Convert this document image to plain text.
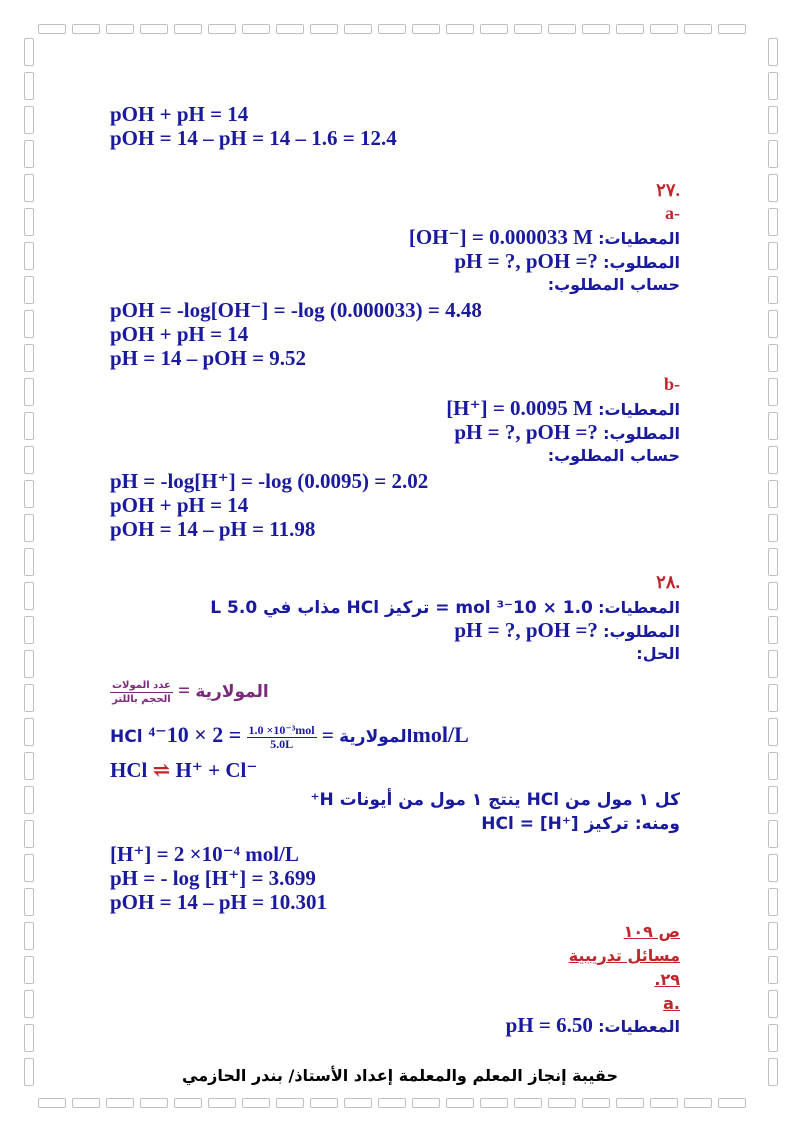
pOH + pH = 14
pOH = 14 – pH = 14 – 1.6 = 12.4
.٢٧
-a
المعطيات: [OH⁻] = 0.000033 M
المطلوب: pH = ?, pOH =?
حساب المطلوب:
pOH = -log[OH⁻] = -log (0.000033) = 4.48
pOH + pH = 14
pH = 14 – pOH = 9.52
-b
المعطيات: [H⁺] = 0.0095 M
المطلوب: pH = ?, pOH =?
حساب المطلوب:
pH = -log[H⁺] = -log (0.0095) = 2.02
pOH + pH = 14
pOH = 14 – pH = 11.98
.٢٨
المعطيات: 1.0 × 10⁻³ mol = تركيز HCl مذاب في 5.0 L
المطلوب: pH = ?, pOH =?
الحل:
$\frac{\text{عدد المولات}}{\text{الحجم باللتر}}$ = المولارية
HCl المولارية =
$\frac{\text{1.0 ×10⁻³mol}}{5.0L}$
= 2 × 10⁻⁴mol/L
HCl ⇌ H⁺ + Cl⁻
كل ١ مول من HCl ينتج ١ مول من أيونات H⁺
ومنه: تركيز HCl = [H⁺]
[H⁺] = 2 ×10⁻⁴ mol/L
pH = - log [H⁺] = 3.699
pOH = 14 – pH = 10.301
ص ١٠٩
مسائل تدريبية
٢٩.
.a
المعطيات: pH = 6.50
حقيبة إنجاز المعلم والمعلمة إعداد الأستاذ/ بندر الحازمي
